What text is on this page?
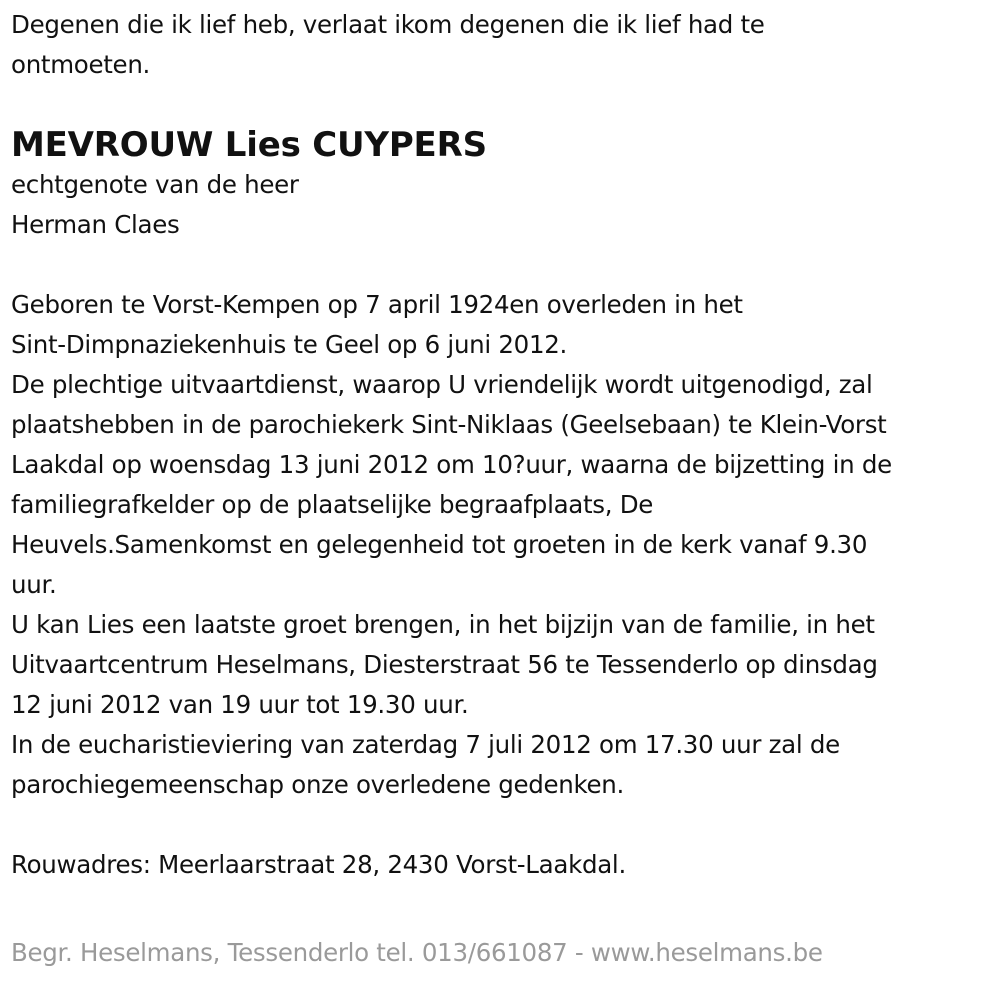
Degenen die ik lief heb, verlaat ikom degenen die ik lief had te
ontmoeten.
MEVROUW Lies CUYPERS
echtgenote van de heer
Herman Claes
Geboren te Vorst-Kempen op 7 april 1924en overleden in het
Sint-Dimpnaziekenhuis te Geel op 6 juni 2012.
De plechtige uitvaartdienst, waarop U vriendelijk wordt uitgenodigd, zal
plaatshebben in de parochiekerk Sint-Niklaas (Geelsebaan) te Klein-Vorst
Laakdal op woensdag 13 juni 2012 om 10?uur, waarna de bijzetting in de
familiegrafkelder op de plaatselijke begraafplaats, De
Heuvels.Samenkomst en gelegenheid tot groeten in de kerk vanaf 9.30
uur.
U kan Lies een laatste groet brengen, in het bijzijn van de familie, in het
Uitvaartcentrum Heselmans, Diesterstraat 56 te Tessenderlo op dinsdag
12 juni 2012 van 19 uur tot 19.30 uur.
In de eucharistieviering van zaterdag 7 juli 2012 om 17.30 uur zal de
parochiegemeenschap onze overledene gedenken.
Rouwadres: Meerlaarstraat 28, 2430 Vorst-Laakdal.
Begr. Heselmans, Tessenderlo tel. 013/661087 - www.heselmans.be
